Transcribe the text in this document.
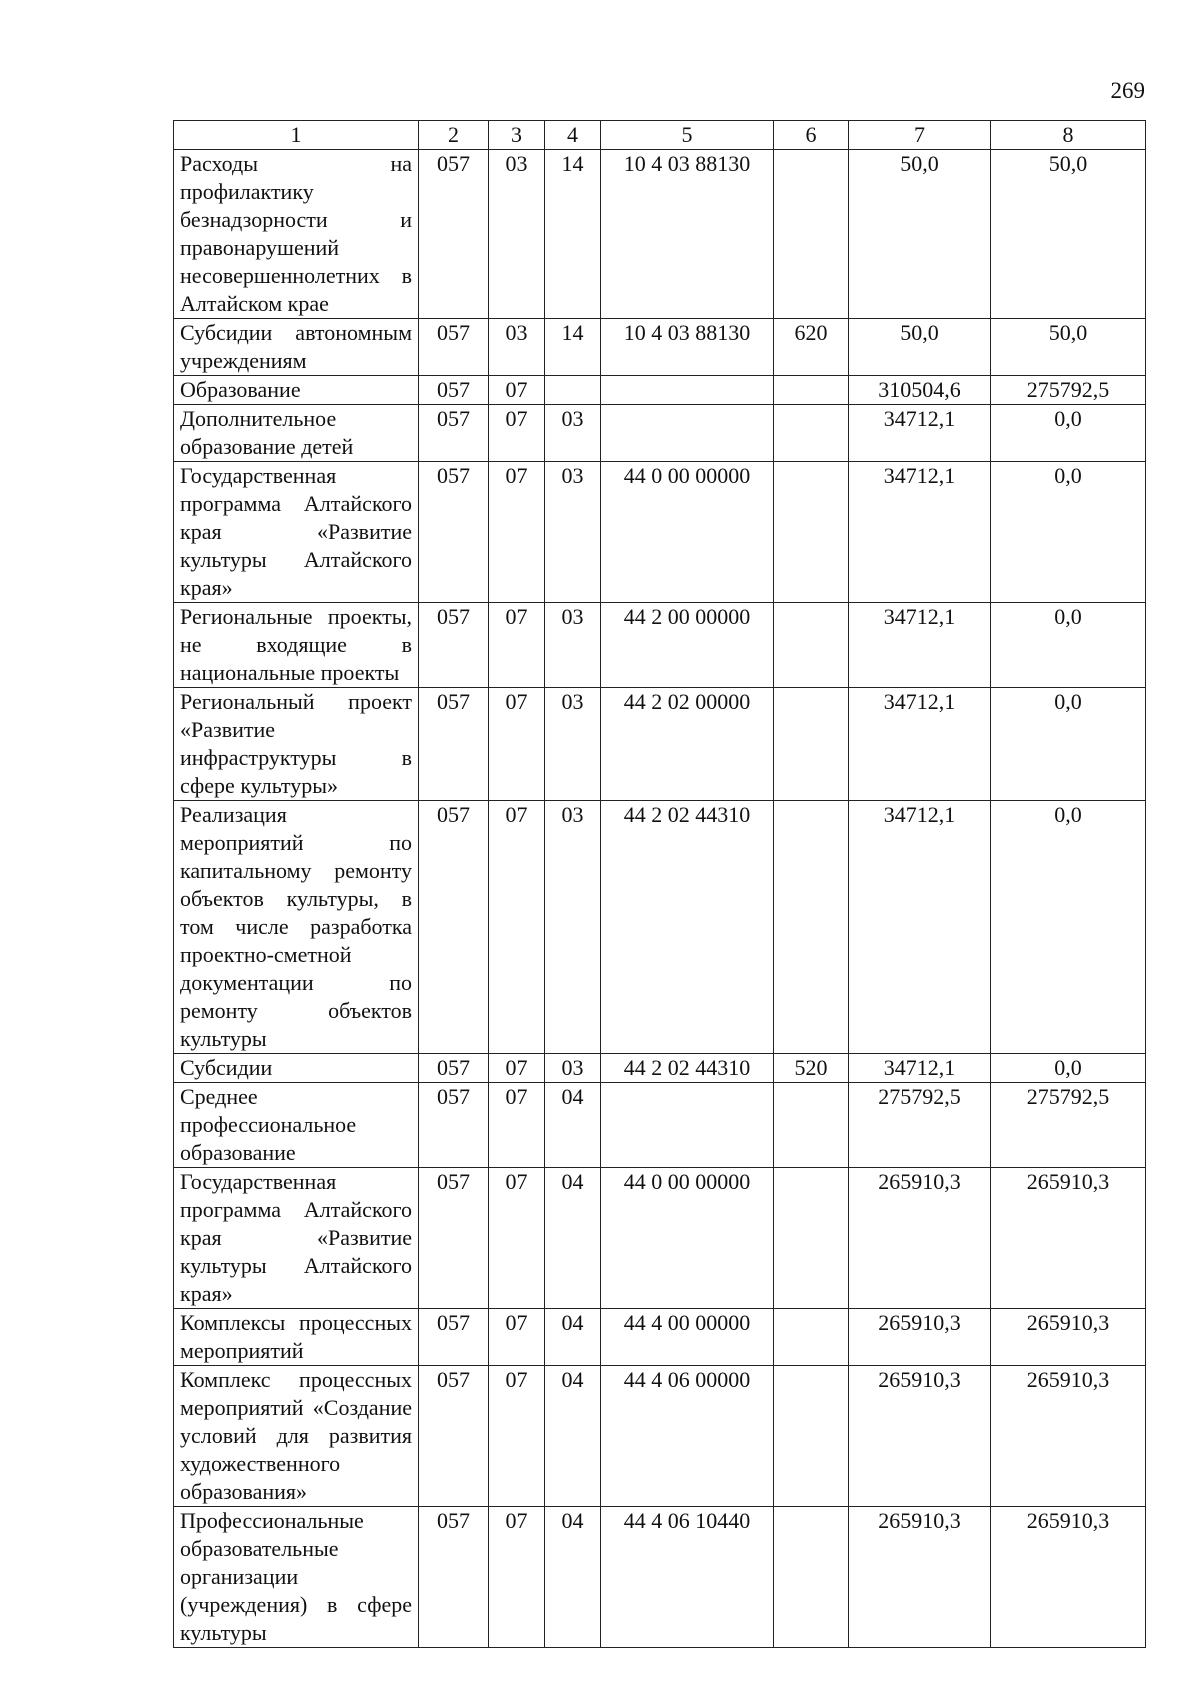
269
1	2	3	4	5	6	7	8
Расходы на профилактику безнадзорности и правонарушений несовершеннолетних в Алтайском крае	057	03	14	10 4 03 88130		50,0	50,0
Субсидии автономным учреждениям	057	03	14	10 4 03 88130	620	50,0	50,0
Образование	057	07				310504,6	275792,5
Дополнительное образование детей	057	07	03			34712,1	0,0
Государственная программа Алтайского края «Развитие культуры Алтайского края»	057	07	03	44 0 00 00000		34712,1	0,0
Региональные проекты, не входящие в национальные проекты	057	07	03	44 2 00 00000		34712,1	0,0
Региональный проект «Развитие инфраструктуры в сфере культуры»	057	07	03	44 2 02 00000		34712,1	0,0
Реализация мероприятий по капитальному ремонту объектов культуры, в том числе разработка проектно-сметной документации по ремонту объектов культуры	057	07	03	44 2 02 44310		34712,1	0,0
Субсидии	057	07	03	44 2 02 44310	520	34712,1	0,0
Среднее профессиональное образование	057	07	04			275792,5	275792,5
Государственная программа Алтайского края «Развитие культуры Алтайского края»	057	07	04	44 0 00 00000		265910,3	265910,3
Комплексы процессных мероприятий	057	07	04	44 4 00 00000		265910,3	265910,3
Комплекс процессных мероприятий «Создание условий для развития художественного образования»	057	07	04	44 4 06 00000		265910,3	265910,3
Профессиональные образовательные организации (учреждения) в сфере культуры	057	07	04	44 4 06 10440		265910,3	265910,3
